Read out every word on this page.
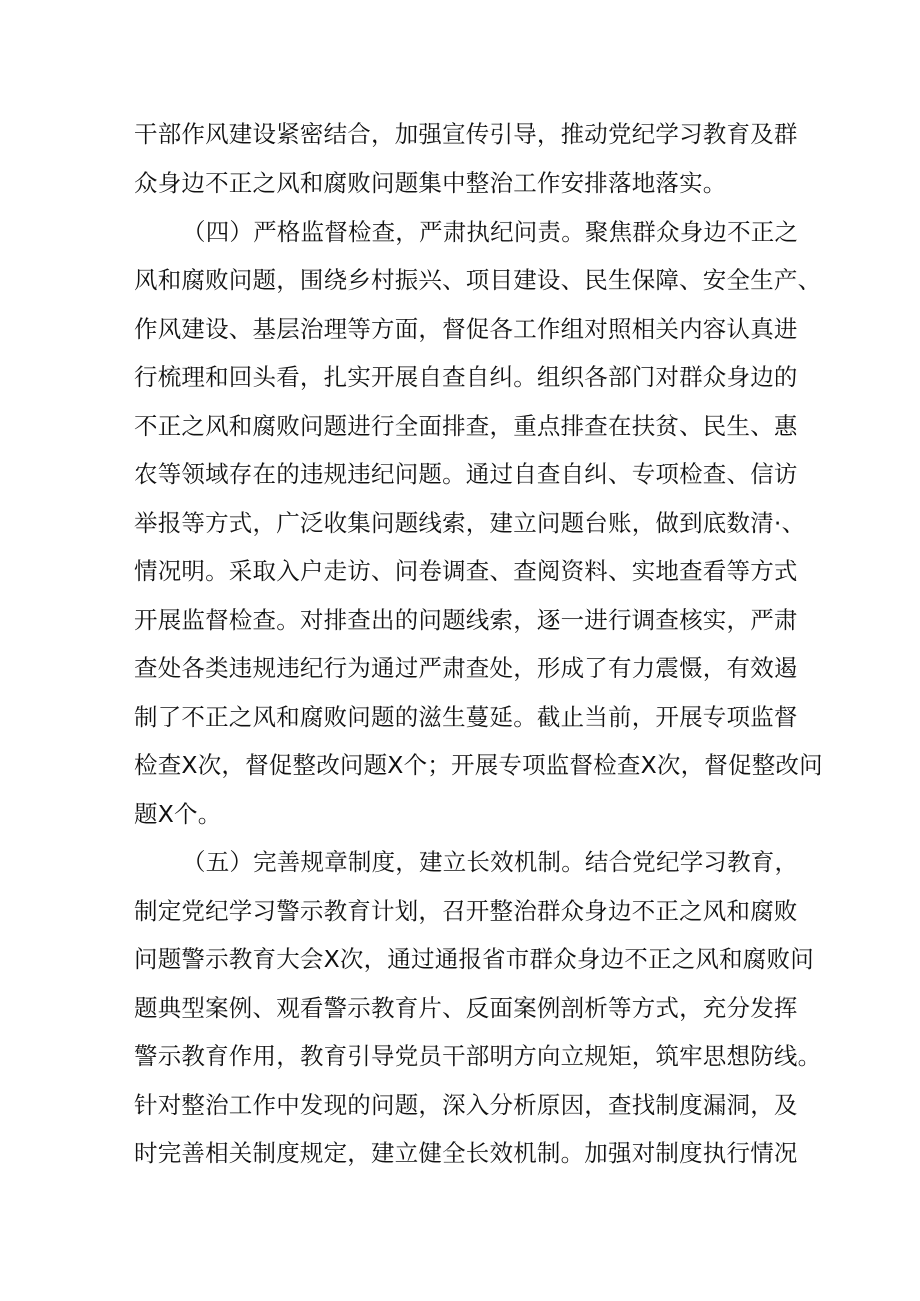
干部作风建设紧密结合，加强宣传引导，推动党纪学习教育及群
众身边不正之风和腐败问题集中整治工作安排落地落实。
（四）严格监督检查，严肃执纪问责。聚焦群众身边不正之
风和腐败问题，围绕乡村振兴、项目建设、民生保障、安全生产、
作风建设、基层治理等方面，督促各工作组对照相关内容认真进
行梳理和回头看，扎实开展自查自纠。组织各部门对群众身边的
不正之风和腐败问题进行全面排查，重点排查在扶贫、民生、惠
农等领域存在的违规违纪问题。通过自查自纠、专项检查、信访
举报等方式，广泛收集问题线索，建立问题台账，做到底数清·、
情况明。采取入户走访、问卷调查、查阅资料、实地查看等方式
开展监督检查。对排查出的问题线索，逐一进行调查核实，严肃
查处各类违规违纪行为通过严肃查处，形成了有力震慑，有效遏
制了不正之风和腐败问题的滋生蔓延。截止当前，开展专项监督
检查X次，督促整改问题X个；开展专项监督检查X次，督促整改问
题X个。
（五）完善规章制度，建立长效机制。结合党纪学习教育，
制定党纪学习警示教育计划，召开整治群众身边不正之风和腐败
问题警示教育大会X次，通过通报省市群众身边不正之风和腐败问
题典型案例、观看警示教育片、反面案例剖析等方式，充分发挥
警示教育作用，教育引导党员干部明方向立规矩，筑牢思想防线。
针对整治工作中发现的问题，深入分析原因，查找制度漏洞，及
时完善相关制度规定，建立健全长效机制。加强对制度执行情况
